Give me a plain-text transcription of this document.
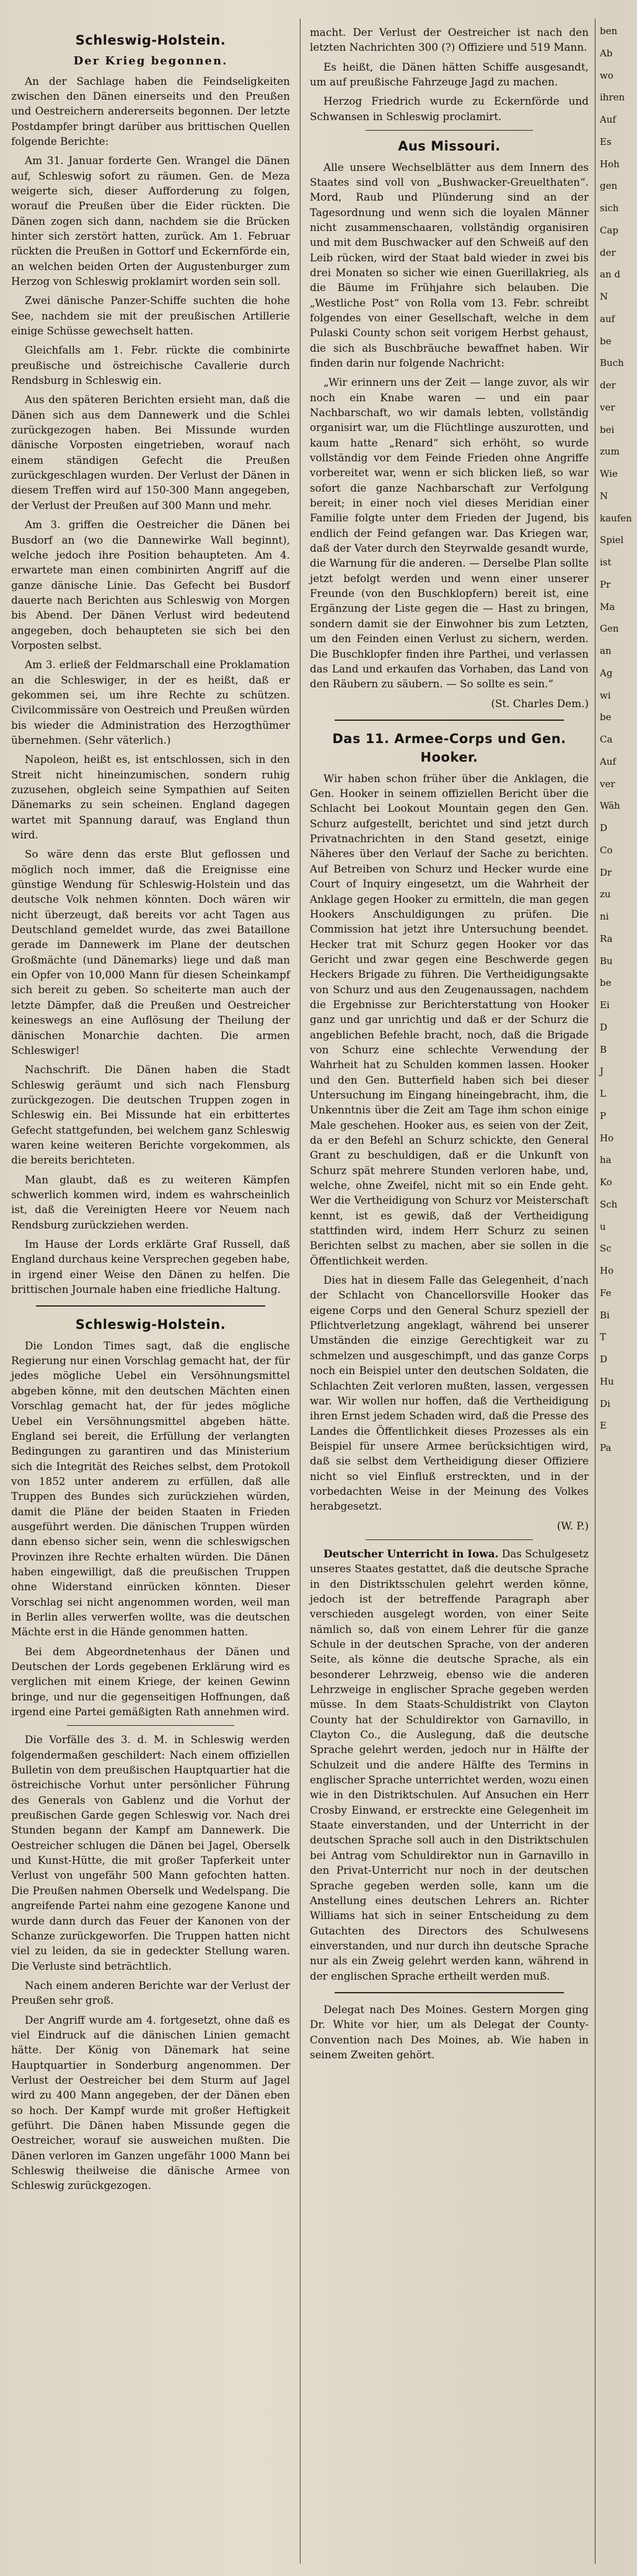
Schleswig-Holstein.
Der Krieg begonnen.

An der Sachlage haben die Feindseligkeiten zwischen den Dänen einerseits und den Preußen und Oestreichern andererseits begonnen. Der letzte Postdampfer bringt darüber aus brittischen Quellen folgende Berichte:

Am 31. Januar forderte Gen. Wrangel die Dänen auf, Schleswig sofort zu räumen. Gen. de Meza weigerte sich, dieser Aufforderung zu folgen, worauf die Preußen über die Eider rückten. Die Dänen zogen sich dann, nachdem sie die Brücken hinter sich zerstört hatten, zurück. Am 1. Februar rückten die Preußen in Gottorf und Eckernförde ein, an welchen beiden Orten der Augustenburger zum Herzog von Schleswig proklamirt worden sein soll.

Zwei dänische Panzer-Schiffe suchten die hohe See, nachdem sie mit der preußischen Artillerie einige Schüsse gewechselt hatten.

Gleichfalls am 1. Febr. rückte die combinirte preußische und östreichische Cavallerie durch Rendsburg in Schleswig ein.

Aus den späteren Berichten ersieht man, daß die Dänen sich aus dem Dannewerk und die Schlei zurückgezogen haben. Bei Missunde wurden dänische Vorposten eingetrieben, worauf nach einem ständigen Gefecht die Preußen zurückgeschlagen wurden. Der Verlust der Dänen in diesem Treffen wird auf 150-300 Mann angegeben, der Verlust der Preußen auf 300 Mann und mehr.

Am 3. griffen die Oestreicher die Dänen bei Busdorf an (wo die Dannewirke Wall beginnt), welche jedoch ihre Position behaupteten. Am 4. erwartete man einen combinirten Angriff auf die ganze dänische Linie. Das Gefecht bei Busdorf dauerte nach Berichten aus Schleswig von Morgen bis Abend. Der Dänen Verlust wird bedeutend angegeben, doch behaupteten sie sich bei den Vorposten selbst.

Am 3. erließ der Feldmarschall eine Proklamation an die Schleswiger, in der es heißt, daß er gekommen sei, um ihre Rechte zu schützen. Civilcommissäre von Oestreich und Preußen würden bis wieder die Administration des Herzogthümer übernehmen. (Sehr väterlich.)

Napoleon, heißt es, ist entschlossen, sich in den Streit nicht hineinzumischen, sondern ruhig zuzusehen, obgleich seine Sympathien auf Seiten Dänemarks zu sein scheinen. England dagegen wartet mit Spannung darauf, was England thun wird.

So wäre denn das erste Blut geflossen und möglich noch immer, daß die Ereignisse eine günstige Wendung für Schleswig-Holstein und das deutsche Volk nehmen könnten. Doch wären wir nicht überzeugt, daß bereits vor acht Tagen aus Deutschland gemeldet wurde, das zwei Bataillone gerade im Dannewerk im Plane der deutschen Großmächte (und Dänemarks) liege und daß man ein Opfer von 10,000 Mann für diesen Scheinkampf sich bereit zu geben. So scheiterte man auch der letzte Dämpfer, daß die Preußen und Oestreicher keineswegs an eine Auflösung der Theilung der dänischen Monarchie dachten. Die armen Schleswiger!

Nachschrift. Die Dänen haben die Stadt Schleswig geräumt und sich nach Flensburg zurückgezogen. Die deutschen Truppen zogen in Schleswig ein. Bei Missunde hat ein erbittertes Gefecht stattgefunden, bei welchem ganz Schleswig waren keine weiteren Berichte vorgekommen, als die bereits berichteten.

Man glaubt, daß es zu weiteren Kämpfen schwerlich kommen wird, indem es wahrscheinlich ist, daß die Vereinigten Heere vor Neuem nach Rendsburg zurückziehen werden.

Im Hause der Lords erklärte Graf Russell, daß England durchaus keine Versprechen gegeben habe, in irgend einer Weise den Dänen zu helfen. Die brittischen Journale haben eine friedliche Haltung.

Schleswig-Holstein.

Die London Times sagt, daß die englische Regierung nur einen Vorschlag gemacht hat, der für jedes mögliche Uebel ein Versöhnungsmittel abgeben könne, mit den deutschen Mächten einen Vorschlag gemacht hat, der für jedes mögliche Uebel ein Versöhnungsmittel abgeben hätte. England sei bereit, die Erfüllung der verlangten Bedingungen zu garantiren und das Ministerium sich die Integrität des Reiches selbst, dem Protokoll von 1852 unter anderem zu erfüllen, daß alle Truppen des Bundes sich zurückziehen würden, damit die Pläne der beiden Staaten in Frieden ausgeführt werden. Die dänischen Truppen würden dann ebenso sicher sein, wenn die schleswigschen Provinzen ihre Rechte erhalten würden. Die Dänen haben eingewilligt, daß die preußischen Truppen ohne Widerstand einrücken könnten. Dieser Vorschlag sei nicht angenommen worden, weil man in Berlin alles verwerfen wollte, was die deutschen Mächte erst in die Hände genommen hatten.

Bei dem Abgeordnetenhaus der Dänen und Deutschen der Lords gegebenen Erklärung wird es verglichen mit einem Kriege, der keinen Gewinn bringe, und nur die gegenseitigen Hoffnungen, daß irgend eine Partei gemäßigten Rath annehmen wird.

Die Vorfälle des 3. d. M. in Schleswig werden folgendermaßen geschildert: Nach einem offiziellen Bulletin von dem preußischen Hauptquartier hat die östreichische Vorhut unter persönlicher Führung des Generals von Gablenz und die Vorhut der preußischen Garde gegen Schleswig vor. Nach drei Stunden begann der Kampf am Dannewerk. Die Oestreicher schlugen die Dänen bei Jagel, Oberselk und Kunst-Hütte, die mit großer Tapferkeit unter Verlust von ungefähr 500 Mann gefochten hatten. Die Preußen nahmen Oberselk und Wedelspang. Die angreifende Partei nahm eine gezogene Kanone und wurde dann durch das Feuer der Kanonen von der Schanze zurückgeworfen. Die Truppen hatten nicht viel zu leiden, da sie in gedeckter Stellung waren. Die Verluste sind beträchtlich.

Nach einem anderen Berichte war der Verlust der Preußen sehr groß.

Der Angriff wurde am 4. fortgesetzt, ohne daß es viel Eindruck auf die dänischen Linien gemacht hätte. Der König von Dänemark hat seine Hauptquartier in Sonderburg angenommen. Der Verlust der Oestreicher bei dem Sturm auf Jagel wird zu 400 Mann angegeben, der der Dänen eben so hoch. Der Kampf wurde mit großer Heftigkeit geführt. Die Dänen haben Missunde gegen die Oestreicher, worauf sie ausweichen mußten. Die Dänen verloren im Ganzen ungefähr 1000 Mann bei Schleswig theilweise die dänische Armee von Schleswig zurückgezogen.

macht. Der Verlust der Oestreicher ist nach den letzten Nachrichten 300 (?) Offiziere und 519 Mann.

Es heißt, die Dänen hätten Schiffe ausgesandt, um auf preußische Fahrzeuge Jagd zu machen.

Herzog Friedrich wurde zu Eckernförde und Schwansen in Schleswig proclamirt.

Aus Missouri.

Alle unsere Wechselblätter aus dem Innern des Staates sind voll von „Bushwacker-Greuelthaten“. Mord, Raub und Plünderung sind an der Tagesordnung und wenn sich die loyalen Männer nicht zusammenschaaren, vollständig organisiren und mit dem Buschwacker auf den Schweiß auf den Leib rücken, wird der Staat bald wieder in zwei bis drei Monaten so sicher wie einen Guerillakrieg, als die Bäume im Frühjahre sich belauben. Die „Westliche Post“ von Rolla vom 13. Febr. schreibt folgendes von einer Gesellschaft, welche in dem Pulaski County schon seit vorigem Herbst gehaust, die sich als Buschbräuche bewaffnet haben. Wir finden darin nur folgende Nachricht:

„Wir erinnern uns der Zeit — lange zuvor, als wir noch ein Knabe waren — und ein paar Nachbarschaft, wo wir damals lebten, vollständig organisirt war, um die Flüchtlinge auszurotten, und kaum hatte „Renard“ sich erhöht, so wurde vollständig vor dem Feinde Frieden ohne Angriffe vorbereitet war, wenn er sich blicken ließ, so war sofort die ganze Nachbarschaft zur Verfolgung bereit; in einer noch viel dieses Meridian einer Familie folgte unter dem Frieden der Jugend, bis endlich der Feind gefangen war. Das Kriegen war, daß der Vater durch den Steyrwalde gesandt wurde, die Warnung für die anderen. — Derselbe Plan sollte jetzt befolgt werden und wenn einer unserer Freunde (von den Buschklopfern) bereit ist, eine Ergänzung der Liste gegen die — Hast zu bringen, sondern damit sie der Einwohner bis zum Letzten, um den Feinden einen Verlust zu sichern, werden. Die Buschklopfer finden ihre Parthei, und verlassen das Land und erkaufen das Vorhaben, das Land von den Räubern zu säubern. — So sollte es sein.“

(St. Charles Dem.)
Das 11. Armee-Corps und Gen. Hooker.

Wir haben schon früher über die Anklagen, die Gen. Hooker in seinem offiziellen Bericht über die Schlacht bei Lookout Mountain gegen den Gen. Schurz aufgestellt, berichtet und sind jetzt durch Privatnachrichten in den Stand gesetzt, einige Näheres über den Verlauf der Sache zu berichten. Auf Betreiben von Schurz und Hecker wurde eine Court of Inquiry eingesetzt, um die Wahrheit der Anklage gegen Hooker zu ermitteln, die man gegen Hookers Anschuldigungen zu prüfen. Die Commission hat jetzt ihre Untersuchung beendet. Hecker trat mit Schurz gegen Hooker vor das Gericht und zwar gegen eine Beschwerde gegen Heckers Brigade zu führen. Die Vertheidigungsakte von Schurz und aus den Zeugenaussagen, nachdem die Ergebnisse zur Berichterstattung von Hooker ganz und gar unrichtig und daß er der Schurz die angeblichen Befehle bracht, noch, daß die Brigade von Schurz eine schlechte Verwendung der Wahrheit hat zu Schulden kommen lassen. Hooker und den Gen. Butterfield haben sich bei dieser Untersuchung im Eingang hineingebracht, ihm, die Unkenntnis über die Zeit am Tage ihm schon einige Male geschehen. Hooker aus, es seien von der Zeit, da er den Befehl an Schurz schickte, den General Grant zu beschuldigen, daß er die Unkunft von Schurz spät mehrere Stunden verloren habe, und, welche, ohne Zweifel, nicht mit so ein Ende geht. Wer die Vertheidigung von Schurz vor Meisterschaft kennt, ist es gewiß, daß der Vertheidigung stattfinden wird, indem Herr Schurz zu seinen Berichten selbst zu machen, aber sie sollen in die Öffentlichkeit werden.

Dies hat in diesem Falle das Gelegenheit, d’nach der Schlacht von Chancellorsville Hooker das eigene Corps und den General Schurz speziell der Pflichtverletzung angeklagt, während bei unserer Umständen die einzige Gerechtigkeit war zu schmelzen und ausgeschimpft, und das ganze Corps noch ein Beispiel unter den deutschen Soldaten, die Schlachten Zeit verloren mußten, lassen, vergessen war. Wir wollen nur hoffen, daß die Vertheidigung ihren Ernst jedem Schaden wird, daß die Presse des Landes die Öffentlichkeit dieses Prozesses als ein Beispiel für unsere Armee berücksichtigen wird, daß sie selbst dem Vertheidigung dieser Offiziere nicht so viel Einfluß erstreckten, und in der vorbedachten Weise in der Meinung des Volkes herabgesetzt.

(W. P.)

Deutscher Unterricht in Iowa. Das Schulgesetz unseres Staates gestattet, daß die deutsche Sprache in den Distriktsschulen gelehrt werden könne, jedoch ist der betreffende Paragraph aber verschieden ausgelegt worden, von einer Seite nämlich so, daß von einem Lehrer für die ganze Schule in der deutschen Sprache, von der anderen Seite, als könne die deutsche Sprache, als ein besonderer Lehrzweig, ebenso wie die anderen Lehrzweige in englischer Sprache gegeben werden müsse. In dem Staats-Schuldistrikt von Clayton County hat der Schuldirektor von Garnavillo, in Clayton Co., die Auslegung, daß die deutsche Sprache gelehrt werden, jedoch nur in Hälfte der Schulzeit und die andere Hälfte des Termins in englischer Sprache unterrichtet werden, wozu einen wie in den Distriktschulen. Auf Ansuchen ein Herr Crosby Einwand, er erstreckte eine Gelegenheit im Staate einverstanden, und der Unterricht in der deutschen Sprache soll auch in den Distriktschulen bei Antrag vom Schuldirektor nun in Garnavillo in den Privat-Unterricht nur noch in der deutschen Sprache gegeben werden solle, kann um die Anstellung eines deutschen Lehrers an. Richter Williams hat sich in seiner Entscheidung zu dem Gutachten des Directors des Schulwesens einverstanden, und nur durch ihn deutsche Sprache nur als ein Zweig gelehrt werden kann, während in der englischen Sprache ertheilt werden muß.

Delegat nach Des Moines. Gestern Morgen ging Dr. White vor hier, um als Delegat der County-Convention nach Des Moines, ab. Wie haben in seinem Zweiten gehört.

ben
Ab
wo
ihren
Auf
Es
Hoh
gen
sich
Cap
der
an d
N
auf
be
Buch
der
ver
bei
zum
Wie
N
kaufen
Spiel
ist
Pr
Ma
Gen
an
Ag
wi
be
Ca
Auf
ver
Wäh
D
Co
Dr
zu
ni
Ra
Bu
be
Ei
D
B
J
L
P
Ho
ha
Ko
Sch
u
Sc
Ho
Fe
Bi
T
D
Hu
Di
E
Pa
